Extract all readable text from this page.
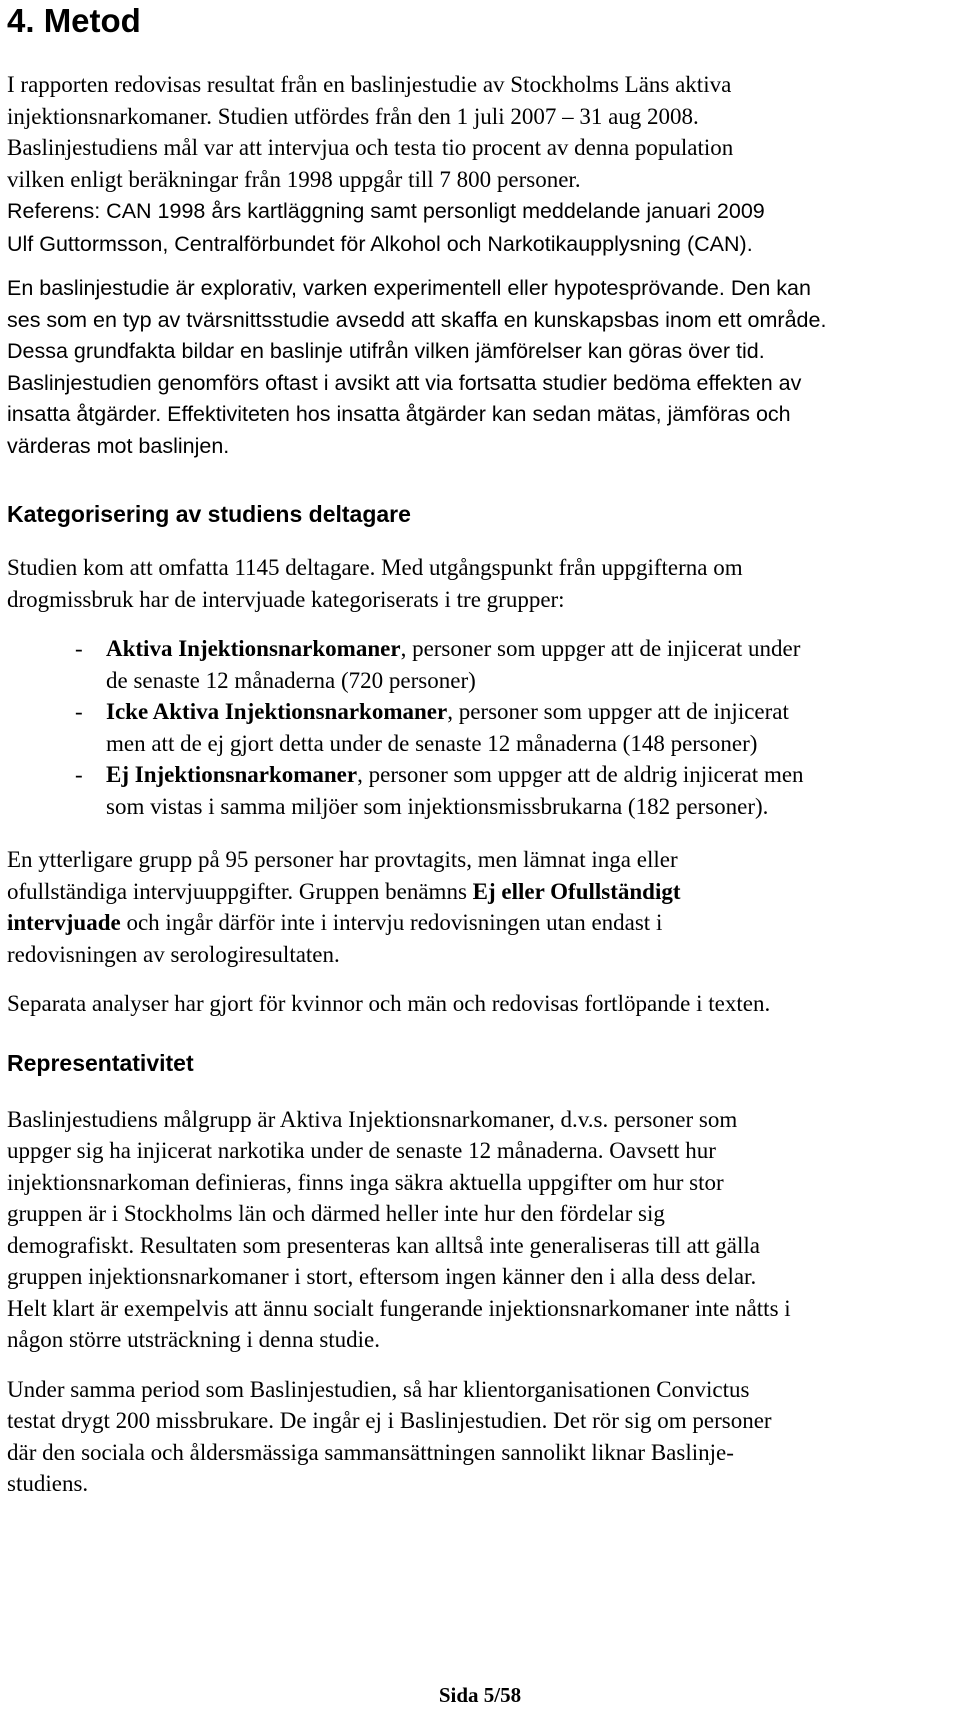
4. Metod

I rapporten redovisas resultat från en baslinjestudie av Stockholms Läns aktiva
injektionsnarkomaner. Studien utfördes från den 1 juli 2007 – 31 aug 2008.
Baslinjestudiens mål var att intervjua och testa tio procent av denna population
vilken enligt beräkningar från 1998 uppgår till 7 800 personer.
Referens: CAN 1998 års kartläggning samt personligt meddelande januari 2009
Ulf Guttormsson, Centralförbundet för Alkohol och Narkotikaupplysning (CAN).

En baslinjestudie är explorativ, varken experimentell eller hypotesprövande. Den kan
ses som en typ av tvärsnittsstudie avsedd att skaffa en kunskapsbas inom ett område.
Dessa grundfakta bildar en baslinje utifrån vilken jämförelser kan göras över tid.
Baslinjestudien genomförs oftast i avsikt att via fortsatta studier bedöma effekten av
insatta åtgärder. Effektiviteten hos insatta åtgärder kan sedan mätas, jämföras och
värderas mot baslinjen.

Kategorisering av studiens deltagare

Studien kom att omfatta 1145 deltagare. Med utgångspunkt från uppgifterna om
drogmissbruk har de intervjuade kategoriserats i tre grupper:

- Aktiva Injektionsnarkomaner, personer som uppger att de injicerat under
de senaste 12 månaderna (720 personer)
- Icke Aktiva Injektionsnarkomaner, personer som uppger att de injicerat
men att de ej gjort detta under de senaste 12 månaderna (148 personer)
- Ej Injektionsnarkomaner, personer som uppger att de aldrig injicerat men
som vistas i samma miljöer som injektionsmissbrukarna (182 personer).

En ytterligare grupp på 95 personer har provtagits, men lämnat inga eller
ofullständiga intervjuuppgifter. Gruppen benämns Ej eller Ofullständigt
intervjuade och ingår därför inte i intervju redovisningen utan endast i
redovisningen av serologiresultaten.

Separata analyser har gjort för kvinnor och män och redovisas fortlöpande i texten.

Representativitet

Baslinjestudiens målgrupp är Aktiva Injektionsnarkomaner, d.v.s. personer som
uppger sig ha injicerat narkotika under de senaste 12 månaderna. Oavsett hur
injektionsnarkoman definieras, finns inga säkra aktuella uppgifter om hur stor
gruppen är i Stockholms län och därmed heller inte hur den fördelar sig
demografiskt. Resultaten som presenteras kan alltså inte generaliseras till att gälla
gruppen injektionsnarkomaner i stort, eftersom ingen känner den i alla dess delar.
Helt klart är exempelvis att ännu socialt fungerande injektionsnarkomaner inte nåtts i
någon större utsträckning i denna studie.

Under samma period som Baslinjestudien, så har klientorganisationen Convictus
testat drygt 200 missbrukare. De ingår ej i Baslinjestudien. Det rör sig om personer
där den sociala och åldersmässiga sammansättningen sannolikt liknar Baslinje-
studiens.

Sida 5/58
